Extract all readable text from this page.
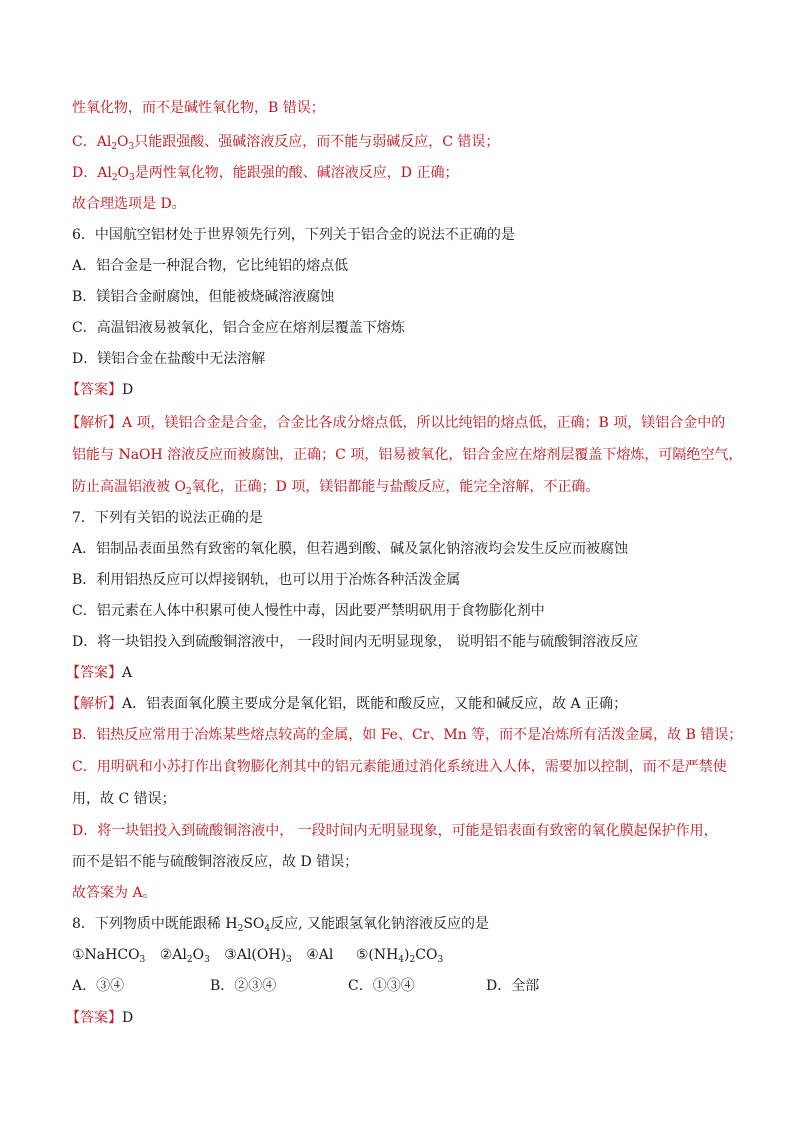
性氧化物，而不是碱性氧化物，B 错误；
C．$Al_2O_3$只能跟强酸、强碱溶液反应，而不能与弱碱反应，C 错误；
D．$Al_2O_3$是两性氧化物，能跟强的酸、碱溶液反应，D 正确；
故合理选项是 D。
6．中国航空铝材处于世界领先行列，下列关于铝合金的说法不正确的是
A．铝合金是一种混合物，它比纯铝的熔点低
B．镁铝合金耐腐蚀，但能被烧碱溶液腐蚀
C．高温铝液易被氧化，铝合金应在熔剂层覆盖下熔炼
D．镁铝合金在盐酸中无法溶解
【答案】D
【解析】A 项，镁铝合金是合金，合金比各成分熔点低，所以比纯铝的熔点低，正确；B 项，镁铝合金中的
铝能与 NaOH 溶液反应而被腐蚀，正确；C 项，铝易被氧化，铝合金应在熔剂层覆盖下熔炼，可隔绝空气，
防止高温铝液被 $O_2$氧化，正确；D 项，镁铝都能与盐酸反应，能完全溶解，不正确。
7．下列有关铝的说法正确的是
A．铝制品表面虽然有致密的氧化膜，但若遇到酸、碱及氯化钠溶液均会发生反应而被腐蚀
B．利用铝热反应可以焊接钢轨，也可以用于冶炼各种活泼金属
C．铝元素在人体中积累可使人慢性中毒，因此要严禁明矾用于食物膨化剂中
D．将一块铝投入到硫酸铜溶液中， 一段时间内无明显现象， 说明铝不能与硫酸铜溶液反应
【答案】A
【解析】A．铝表面氧化膜主要成分是氧化铝，既能和酸反应，又能和碱反应，故 A 正确；
B．铝热反应常用于冶炼某些熔点较高的金属，如 Fe、Cr、Mn 等，而不是冶炼所有活泼金属，故 B 错误；
C．用明矾和小苏打作出食物膨化剂其中的铝元素能通过消化系统进入人体，需要加以控制，而不是严禁使
用，故 C 错误；
D．将一块铝投入到硫酸铜溶液中， 一段时间内无明显现象，可能是铝表面有致密的氧化膜起保护作用，
而不是铝不能与硫酸铜溶液反应，故 D 错误；
故答案为 A。
8．下列物质中既能跟稀 $H_2SO_4$反应, 又能跟氢氧化钠溶液反应的是
①NaHCO$_3$ $②Al_2O_3$ $③Al(OH)_3$ ④Al $⑤(NH_4)_2CO_3$
A．③④	B．②③④	C．①③④	D．全部
【答案】D
